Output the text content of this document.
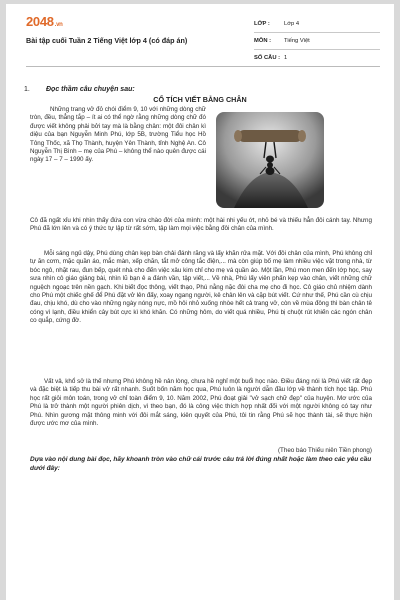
2048.vn
Bài tập cuối Tuần 2 Tiếng Việt lớp 4 (có đáp án)
LỚP :	Lớp 4
MÔN :	Tiếng Việt
SỐ CÂU : 1
1. Đọc thầm câu chuyện sau:
CỔ TÍCH VIẾT BẰNG CHÂN

Những trang vở đỏ chói điểm 9, 10 với những dòng chữ tròn, đều, thẳng tắp – ít ai có thể ngờ rằng những dòng chữ đó được viết không phải bởi tay mà là bằng chân: một đôi chân kì diệu của bạn Nguyễn Minh Phú, lớp 5B, trường Tiểu học Hồ Tông Thốc, xã Thọ Thành, huyện Yên Thành, tỉnh Nghệ An. Cô Nguyễn Thị Bình – mẹ của Phú – không thể nào quên được cái ngày 17 – 7 – 1990 ấy.

Cô đã ngất xỉu khi nhìn thấy đứa con vừa chào đời của mình: một hài nhi yếu ớt, nhỏ bé và thiếu hẳn đôi cánh tay. Nhưng Phú đã lớn lên và có ý thức tự lập từ rất sớm, tập làm mọi việc bằng đôi chân của mình.

Mỗi sáng ngủ dậy, Phú dùng chân kẹp bàn chải đánh răng và lấy khăn rửa mặt. Với đôi chân của mình, Phú không chỉ tự ăn cơm, mặc quần áo, mắc màn, xếp chăn, tắt mở công tắc điện,... mà còn giúp bố mẹ làm nhiều việc vặt trong nhà, từ bóc ngô, nhặt rau, đun bếp, quét nhà cho đến việc xâu kim chỉ cho mẹ vá quần áo. Một lần, Phú mon men đến lớp học, say sưa nhìn cô giáo giảng bài, nhìn lũ bạn ê a đánh vần, tập viết,... Về nhà, Phú lấy viên phấn kẹp vào chân, viết những chữ nguệch ngoạc trên nền gạch. Khi biết đọc thông, viết thạo, Phú nằng nặc đòi cha mẹ cho đi học. Cô giáo chủ nhiệm dành cho Phú một chiếc ghế để Phú đặt vở lên đấy, xoay ngang người, kê chân lên và cặp bút viết. Cứ như thế, Phú cần cù chịu đau, chịu khó, dù cho vào những ngày nóng nực, mồ hôi nhỏ xuống nhòe hết cả trang vở, còn về mùa đông thì bàn chân tê cóng vì lạnh, điều khiển cây bút cực kì khó khăn. Có những hôm, do viết quá nhiều, Phú bị chuột rút khiến các ngón chân co quắp, cứng đờ.

Vất vả, khổ sở là thế nhưng Phú không hề nản lòng, chưa hề nghỉ một buổi học nào. Điều đáng nói là Phú viết rất đẹp và đặc biệt là tiếp thu bài vở rất nhanh. Suốt bốn năm học qua, Phú luôn là người dẫn đầu lớp về thành tích học tập. Phú học rất giỏi môn toán, trong vở chỉ toàn điểm 9, 10. Năm 2002, Phú đoạt giải "vở sạch chữ đẹp" của huyện. Mơ ước của Phú là trở thành một người phiên dịch, vì theo bạn, đó là công việc thích hợp nhất đối với một người không có tay như Phú. Nhìn gương mặt thông minh với đôi mắt sáng, kiên quyết của Phú, tôi tin rằng Phú sẽ học thành tài, sẽ thực hiện được ước mơ của mình.

(Theo báo Thiếu niên Tiền phong)
Dựa vào nội dung bài đọc, hãy khoanh tròn vào chữ cái trước câu trả lời đúng nhất hoặc làm theo các yêu cầu dưới đây:
